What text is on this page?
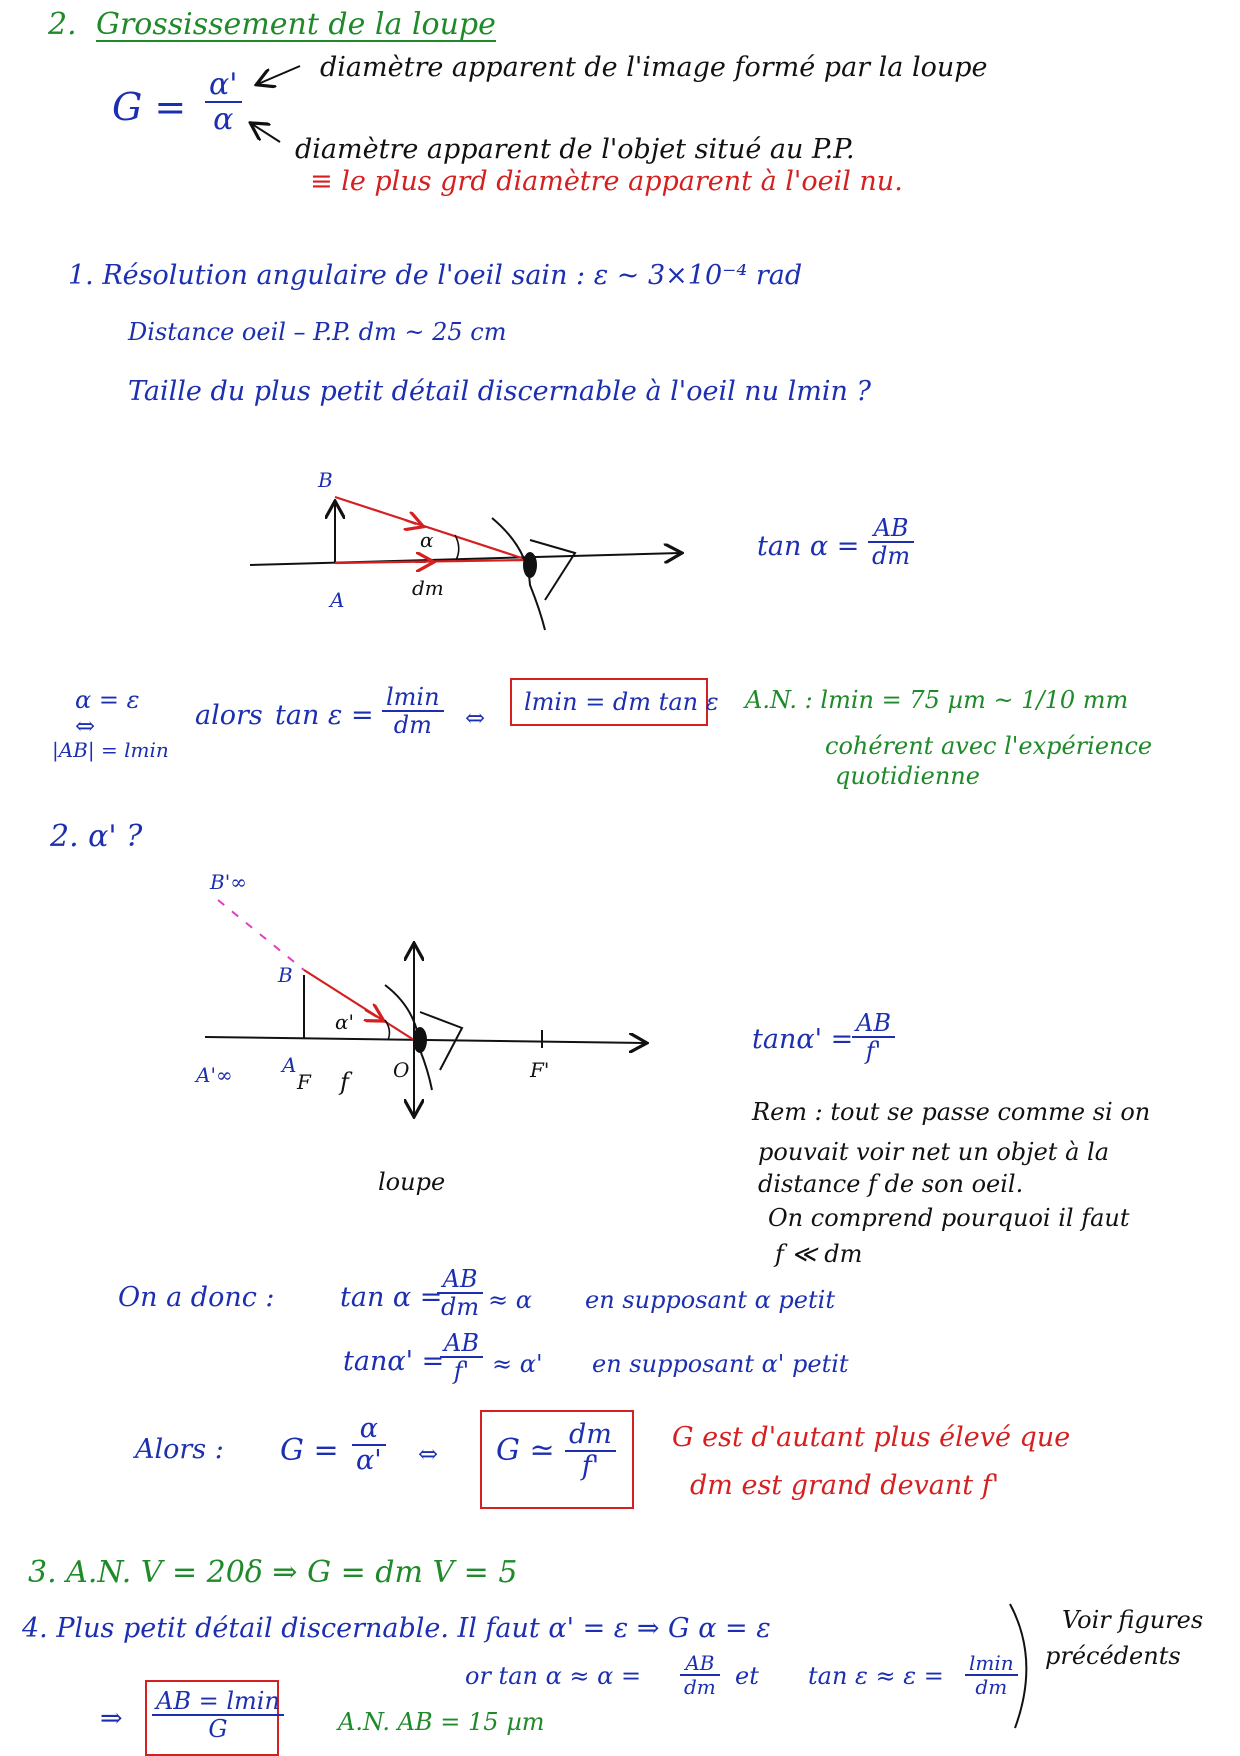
2. Grossissement de la loupe
$G = \frac{\alpha'}{\alpha}$
diamètre apparent de l'image formé par la loupe
diamètre apparent de l'objet situé au P.P.
≡ le plus grd diamètre apparent à l'oeil nu.
1. Résolution angulaire de l'oeil sain : ε ~ 3×10⁻⁴ rad
Distance oeil – P.P. dm ~ 25 cm
Taille du plus petit détail discernable à l'oeil nu lmin ?
B
A
α
dm
$\tan \alpha = \frac{AB}{dm}$
α = ε
⇔
|AB| = lmin
alors tan ε =
lmin
dm	⇔
lmin = dm tan ε A.N. : lmin = 75 µm ~ 1/10 mm
cohérent avec l'expérience
quotidienne
2. α' ?
B'∞
B
A
A'∞	F f O	F'
α'
loupe
tanα' =
$\frac{AB}{f'}$
Rem : tout se passe comme si on
pouvait voir net un objet à la
distance f de son oeil.
On comprend pourquoi il faut
f ≪ dm
On a donc : tan α =
$\frac{AB}{dm} \approx \alpha$ en supposant α petit
tanα' =
$\frac{AB}{f'} \approx \alpha'$ en supposant α' petit
Alors : $G = \frac{\alpha}{\alpha'}$ ⇔ G ≃ $\frac{dm}{f'}$ G est d'autant plus élevé que
dm est grand devant f'
3. A.N. V = 20δ ⇒ G = dm V = 5
4. Plus petit détail discernable. Il faut α' = ε ⇒ G α = ε
or $\tan \alpha \approx \alpha = \frac{AB}{dm}$ et tan ε ≈ ε = lmin
dm
Voir figures
précédents
⇒
AB = lmin
G	A.N. AB = 15 µm
